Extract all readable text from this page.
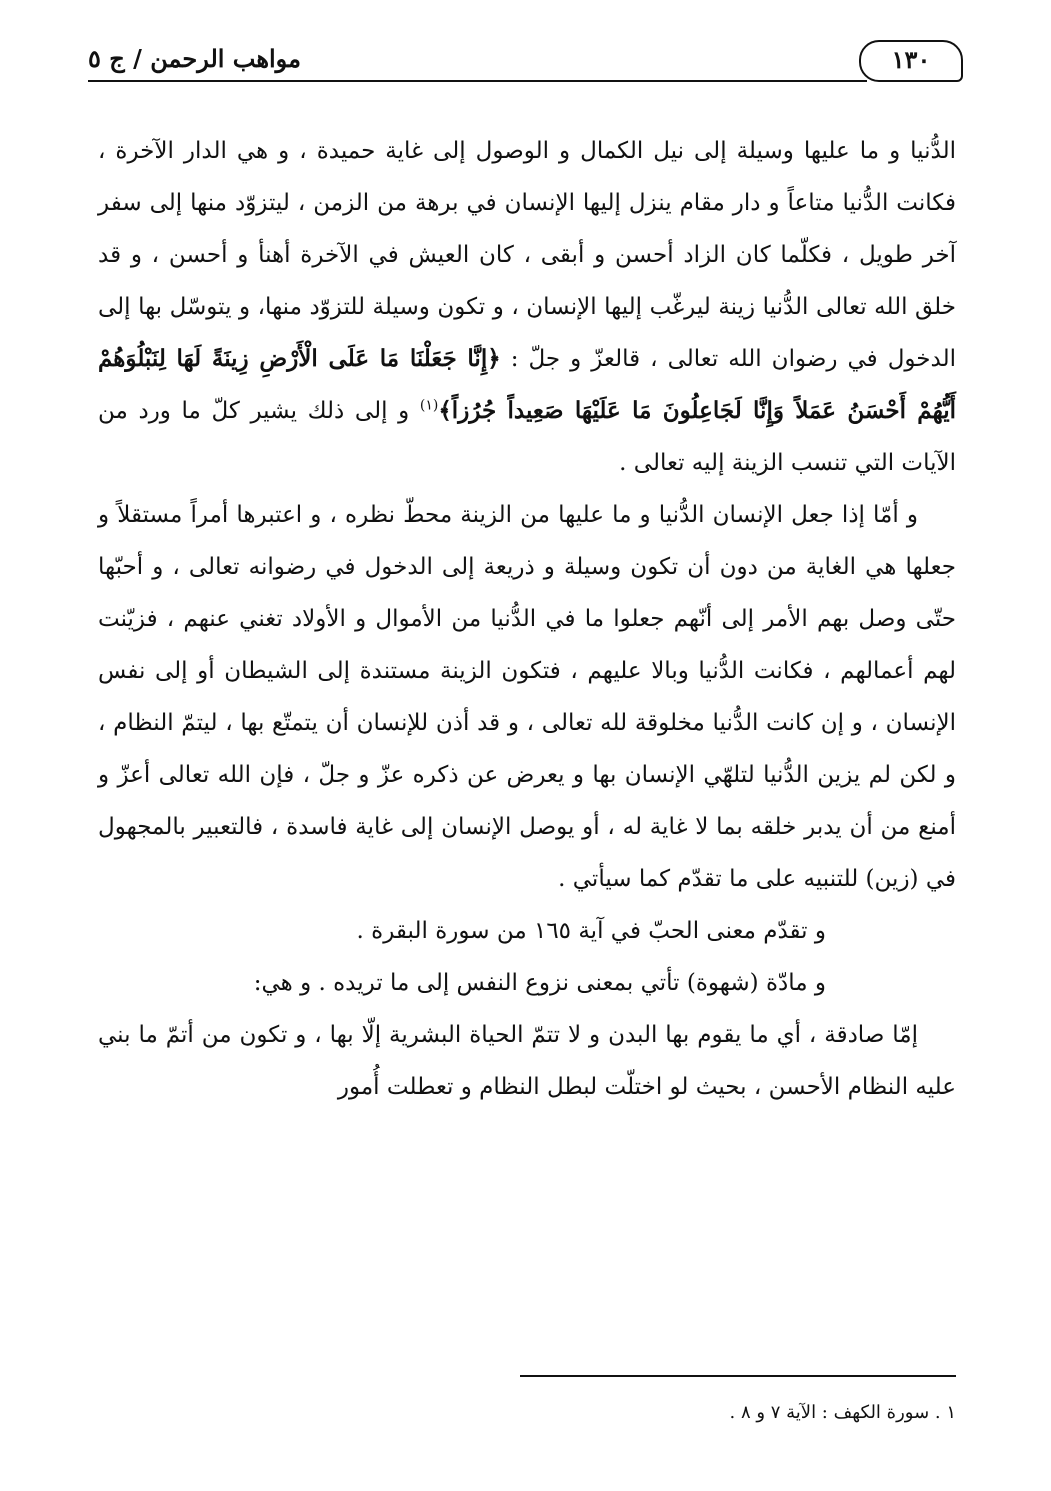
١٣٠
مواهب الرحمن / ج ٥

الدُّنيا و ما عليها وسيلة إلى نيل الكمال و الوصول إلى غاية حميدة ، و هي الدار الآخرة ، فكانت الدُّنيا متاعاً و دار مقام ينزل إليها الإنسان في برهة من الزمن ، ليتزوّد منها إلى سفر آخر طويل ، فكلّما كان الزاد أحسن و أبقى ، كان العيش في الآخرة أهنأ و أحسن ، و قد خلق الله تعالى الدُّنيا زينة ليرغّب إليها الإنسان ، و تكون وسيلة للتزوّد منها، و يتوسّل بها إلى الدخول في رضوان الله تعالى ، قالعزّ و جلّ : ﴿إِنَّا جَعَلْنَا مَا عَلَى الْأَرْضِ زِينَةً لَهَا لِنَبْلُوَهُمْ أَيُّهُمْ أَحْسَنُ عَمَلاً وَإِنَّا لَجَاعِلُونَ مَا عَلَيْهَا صَعِيداً جُرُزاً﴾$^{(١)}$ و إلى ذلك يشير كلّ ما ورد من الآيات التي تنسب الزينة إليه تعالى .

و أمّا إذا جعل الإنسان الدُّنيا و ما عليها من الزينة محطّ نظره ، و اعتبرها أمراً مستقلاً و جعلها هي الغاية من دون أن تكون وسيلة و ذريعة إلى الدخول في رضوانه تعالى ، و أحبّها حتّى وصل بهم الأمر إلى أنّهم جعلوا ما في الدُّنيا من الأموال و الأولاد تغني عنهم ، فزيّنت لهم أعمالهم ، فكانت الدُّنيا وبالا عليهم ، فتكون الزينة مستندة إلى الشيطان أو إلى نفس الإنسان ، و إن كانت الدُّنيا مخلوقة لله تعالى ، و قد أذن للإنسان أن يتمتّع بها ، ليتمّ النظام ، و لكن لم يزين الدُّنيا لتلهّي الإنسان بها و يعرض عن ذكره عزّ و جلّ ، فإن الله تعالى أعزّ و أمنع من أن يدبر خلقه بما لا غاية له ، أو يوصل الإنسان إلى غاية فاسدة ، فالتعبير بالمجهول في (زين) للتنبيه على ما تقدّم كما سيأتي .

و تقدّم معنى الحبّ في آية ١٦٥ من سورة البقرة .

و مادّة (شهوة) تأتي بمعنى نزوع النفس إلى ما تريده . و هي:

إمّا صادقة ، أي ما يقوم بها البدن و لا تتمّ الحياة البشرية إلّا بها ، و تكون من أتمّ ما بني عليه النظام الأحسن ، بحيث لو اختلّت لبطل النظام و تعطلت أُمور

١ . سورة الكهف : الآية ٧ و ٨ .
